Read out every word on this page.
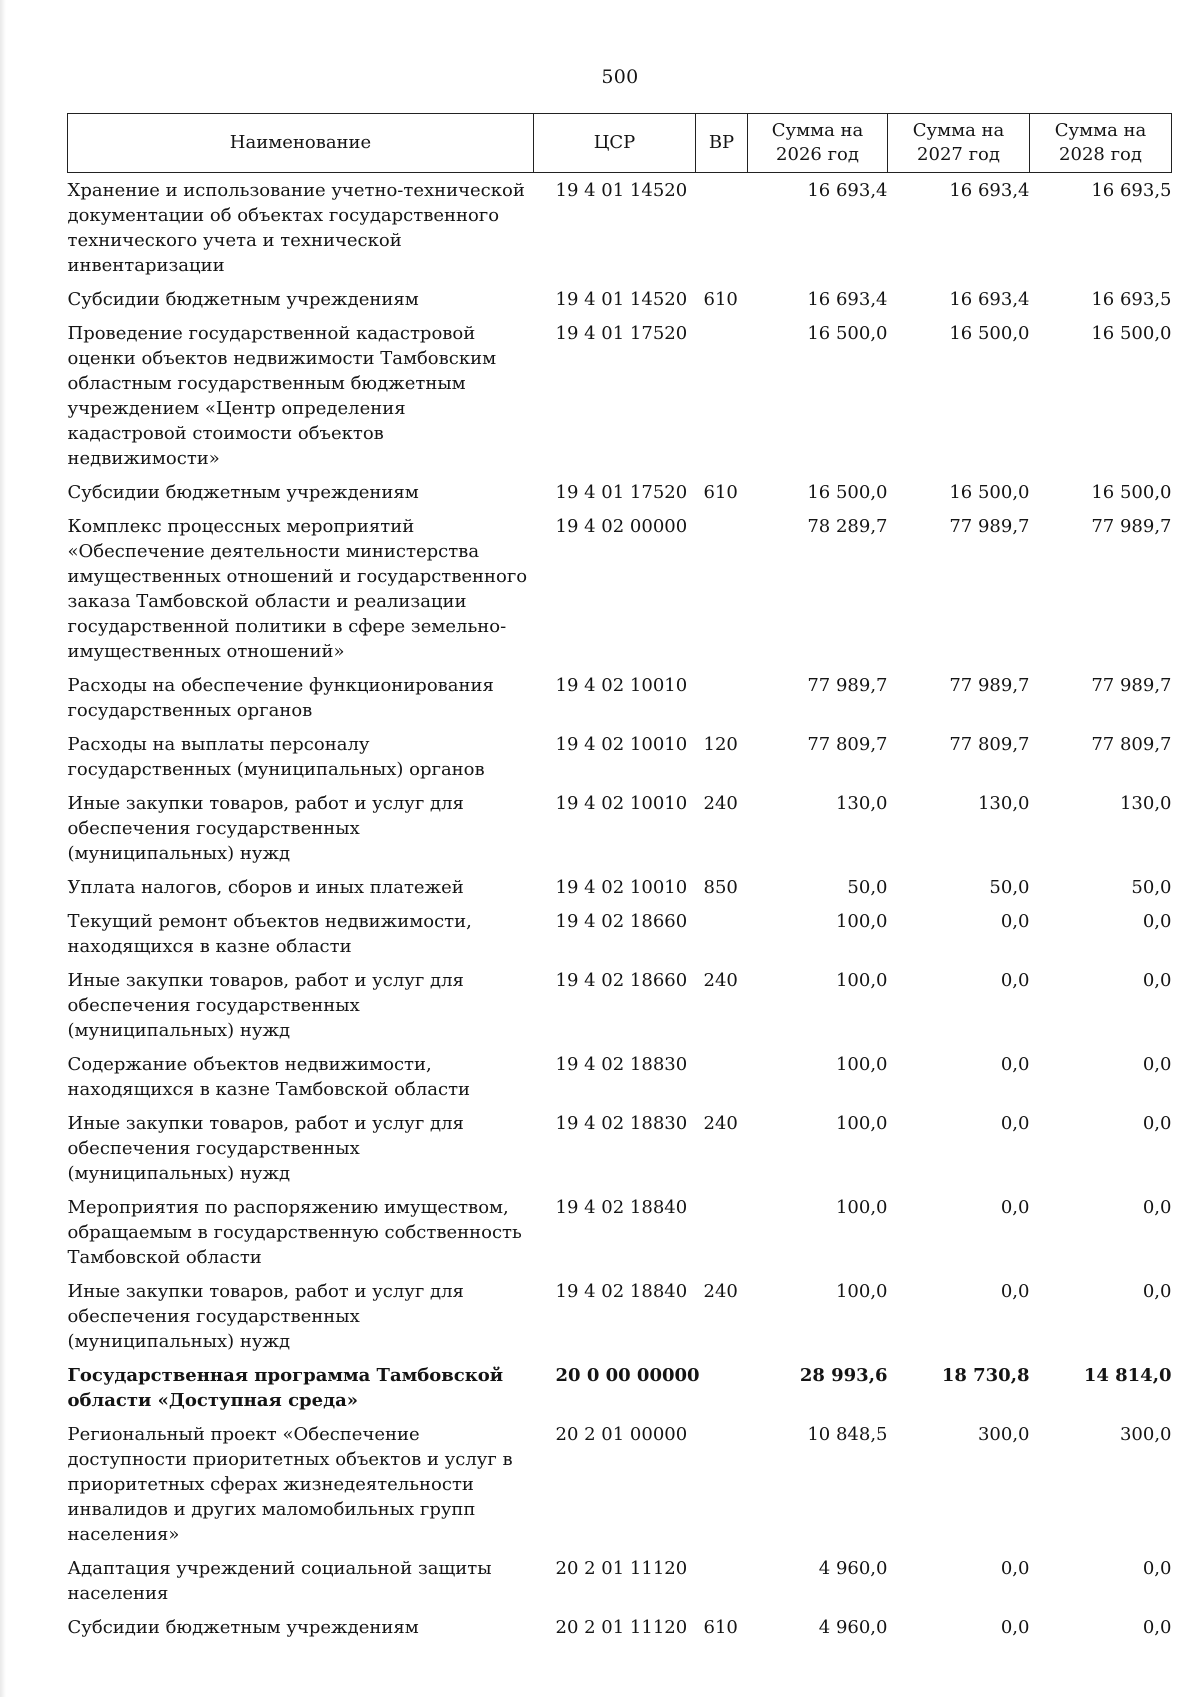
500
Наименование	ЦСР	ВР	Сумма на 2026 год	Сумма на 2027 год	Сумма на 2028 год
Хранение и использование учетно-технической документации об объектах государственного технического учета и технической инвентаризации	19 4 01 14520		16 693,4	16 693,4	16 693,5
Субсидии бюджетным учреждениям	19 4 01 14520	610	16 693,4	16 693,4	16 693,5
Проведение государственной кадастровой оценки объектов недвижимости Тамбовским областным государственным бюджетным учреждением «Центр определения кадастровой стоимости объектов недвижимости»	19 4 01 17520		16 500,0	16 500,0	16 500,0
Субсидии бюджетным учреждениям	19 4 01 17520	610	16 500,0	16 500,0	16 500,0
Комплекс процессных мероприятий «Обеспечение деятельности министерства имущественных отношений и государственного заказа Тамбовской области и реализации государственной политики в сфере земельно-имущественных отношений»	19 4 02 00000		78 289,7	77 989,7	77 989,7
Расходы на обеспечение функционирования государственных органов	19 4 02 10010		77 989,7	77 989,7	77 989,7
Расходы на выплаты персоналу государственных (муниципальных) органов	19 4 02 10010	120	77 809,7	77 809,7	77 809,7
Иные закупки товаров, работ и услуг для обеспечения государственных (муниципальных) нужд	19 4 02 10010	240	130,0	130,0	130,0
Уплата налогов, сборов и иных платежей	19 4 02 10010	850	50,0	50,0	50,0
Текущий ремонт объектов недвижимости, находящихся в казне области	19 4 02 18660		100,0	0,0	0,0
Иные закупки товаров, работ и услуг для обеспечения государственных (муниципальных) нужд	19 4 02 18660	240	100,0	0,0	0,0
Содержание объектов недвижимости, находящихся в казне Тамбовской области	19 4 02 18830		100,0	0,0	0,0
Иные закупки товаров, работ и услуг для обеспечения государственных (муниципальных) нужд	19 4 02 18830	240	100,0	0,0	0,0
Мероприятия по распоряжению имуществом, обращаемым в государственную собственность Тамбовской области	19 4 02 18840		100,0	0,0	0,0
Иные закупки товаров, работ и услуг для обеспечения государственных (муниципальных) нужд	19 4 02 18840	240	100,0	0,0	0,0
Государственная программа Тамбовской области «Доступная среда»	20 0 00 00000		28 993,6	18 730,8	14 814,0
Региональный проект «Обеспечение доступности приоритетных объектов и услуг в приоритетных сферах жизнедеятельности инвалидов и других маломобильных групп населения»	20 2 01 00000		10 848,5	300,0	300,0
Адаптация учреждений социальной защиты населения	20 2 01 11120		4 960,0	0,0	0,0
Субсидии бюджетным учреждениям	20 2 01 11120	610	4 960,0	0,0	0,0
